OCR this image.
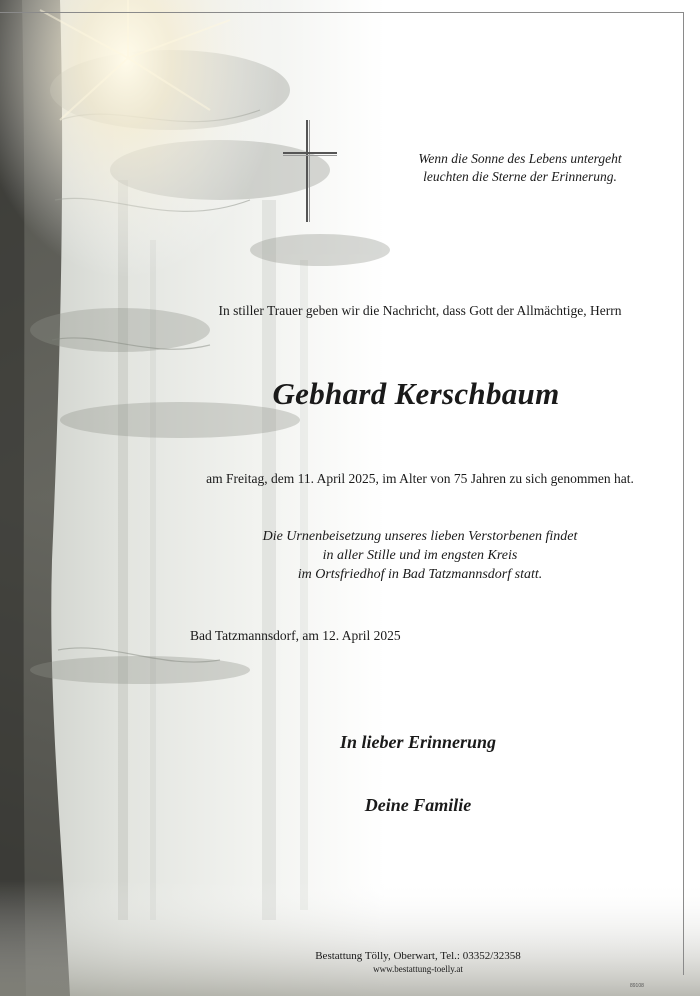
Wenn die Sonne des Lebens untergeht
leuchten die Sterne der Erinnerung.
In stiller Trauer geben wir die Nachricht, dass Gott der Allmächtige, Herrn
Gebhard Kerschbaum
am Freitag, dem 11. April 2025, im Alter von 75 Jahren zu sich genommen hat.
Die Urnenbeisetzung unseres lieben Verstorbenen findet
in aller Stille und im engsten Kreis
im Ortsfriedhof in Bad Tatzmannsdorf statt.
Bad Tatzmannsdorf, am 12. April 2025
In lieber Erinnerung
Deine Familie
Bestattung Tölly, Oberwart, Tel.: 03352/32358
www.bestattung-toelly.at
89108
